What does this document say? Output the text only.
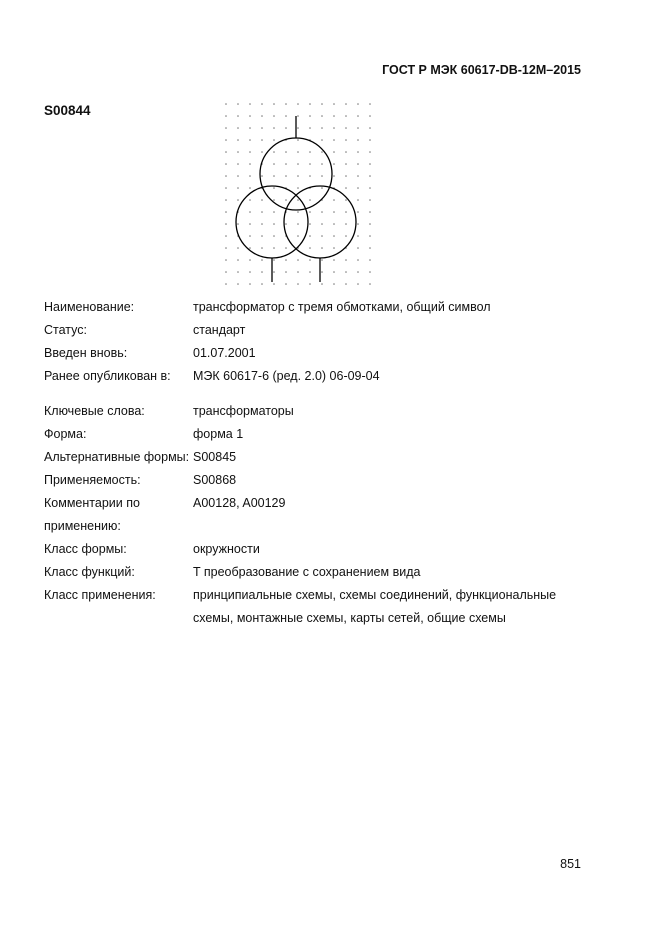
ГОСТ Р МЭК 60617-DB-12M–2015
S00844
Наименование:	трансформатор с тремя обмотками, общий символ
Статус:	стандарт
Введен вновь:	01.07.2001
Ранее опубликован в:	МЭК 60617-6 (ред. 2.0) 06-09-04
Ключевые слова:	трансформаторы
Форма:	форма 1
Альтернативные формы: S00845
Применяемость:	S00868
Комментарии по применению:
A00128, A00129
Класс формы:	окружности
Класс функций:	T преобразование с сохранением вида
Класс применения:	принципиальные схемы, схемы соединений, функциональные схемы, монтажные схемы, карты сетей, общие схемы
851
